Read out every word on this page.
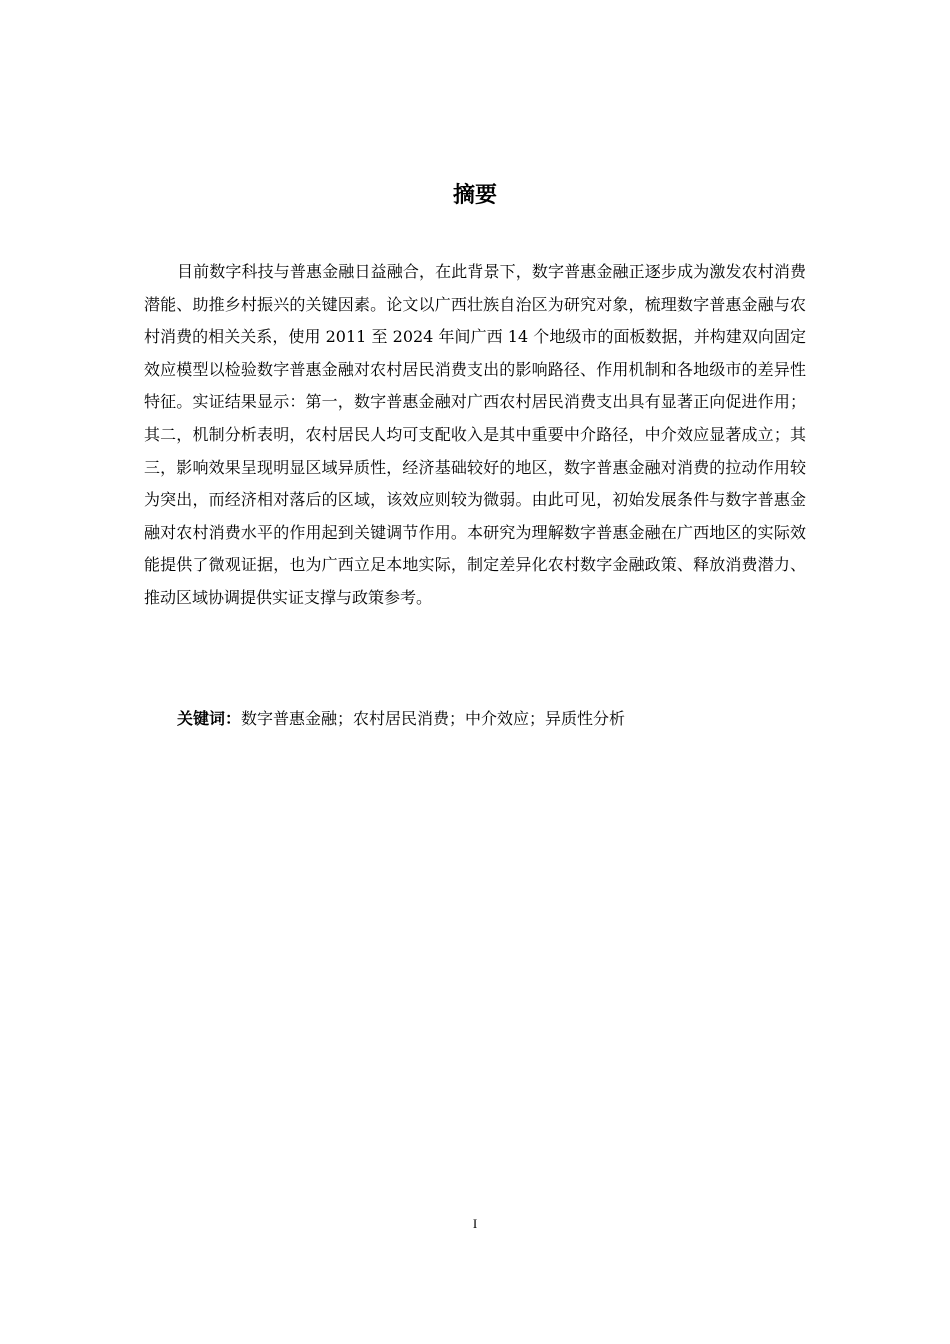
摘要

目前数字科技与普惠金融日益融合，在此背景下，数字普惠金融正逐步成为激发农村消费潜能、助推乡村振兴的关键因素。论文以广西壮族自治区为研究对象，梳理数字普惠金融与农村消费的相关关系，使用 2011 至 2024 年间广西 14 个地级市的面板数据，并构建双向固定效应模型以检验数字普惠金融对农村居民消费支出的影响路径、作用机制和各地级市的差异性特征。实证结果显示：第一，数字普惠金融对广西农村居民消费支出具有显著正向促进作用；其二，机制分析表明，农村居民人均可支配收入是其中重要中介路径，中介效应显著成立；其三，影响效果呈现明显区域异质性，经济基础较好的地区，数字普惠金融对消费的拉动作用较为突出，而经济相对落后的区域，该效应则较为微弱。由此可见，初始发展条件与数字普惠金融对农村消费水平的作用起到关键调节作用。本研究为理解数字普惠金融在广西地区的实际效能提供了微观证据，也为广西立足本地实际，制定差异化农村数字金融政策、释放消费潜力、推动区域协调提供实证支撑与政策参考。

关键词：数字普惠金融；农村居民消费；中介效应；异质性分析

I
